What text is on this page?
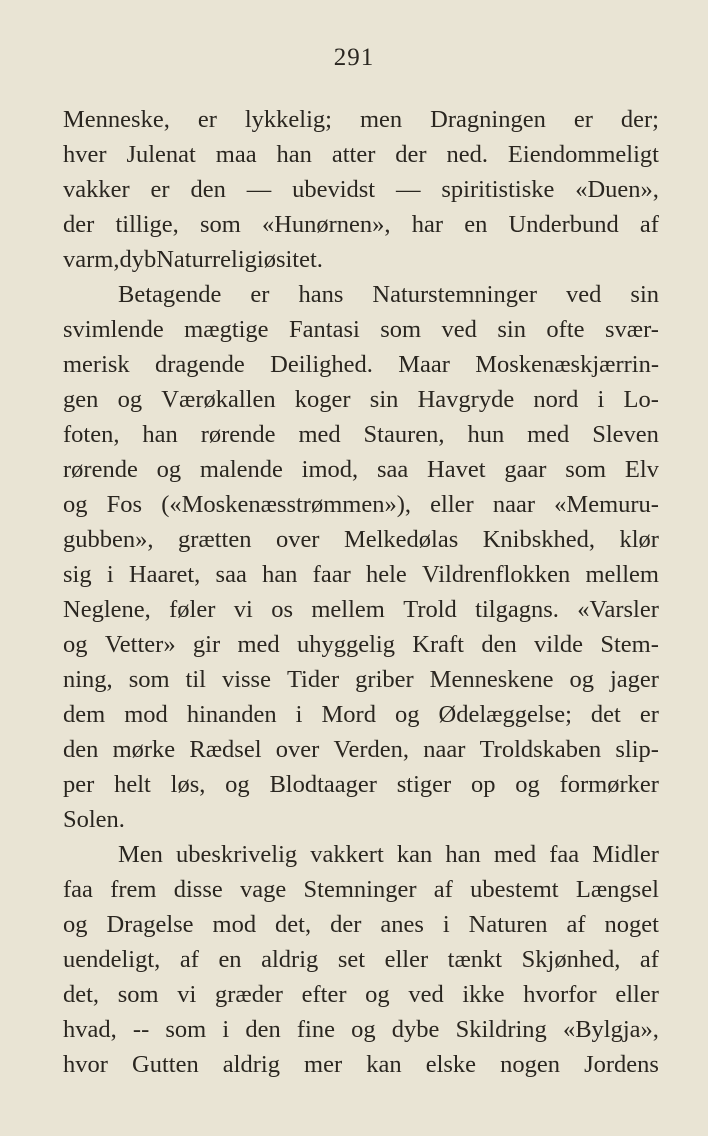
291
Menneske, er lykkelig; men Dragningen er der;
hver Julenat maa han atter der ned. Eiendommeligt
vakker er den — ubevidst — spiritistiske «Duen»,
der tillige, som «Hunørnen», har en Underbund af
varm, dyb Naturreligiøsitet.
Betagende er hans Naturstemninger ved sin
svimlende mægtige Fantasi som ved sin ofte svær-
merisk dragende Deilighed. Maar Moskenæskjærrin-
gen og Værøkallen koger sin Havgryde nord i Lo-
foten, han rørende med Stauren, hun med Sleven
rørende og malende imod, saa Havet gaar som Elv
og Fos («Moskenæsstrømmen»), eller naar «Memuru-
gubben», grætten over Melkedølas Knibskhed, klør
sig i Haaret, saa han faar hele Vildrenflokken mellem
Neglene, føler vi os mellem Trold tilgagns. «Varsler
og Vetter» gir med uhyggelig Kraft den vilde Stem-
ning, som til visse Tider griber Menneskene og jager
dem mod hinanden i Mord og Ødelæggelse; det er
den mørke Rædsel over Verden, naar Troldskaben slip-
per helt løs, og Blodtaager stiger op og formørker
Solen.
Men ubeskrivelig vakkert kan han med faa Midler
faa frem disse vage Stemninger af ubestemt Længsel
og Dragelse mod det, der anes i Naturen af noget
uendeligt, af en aldrig set eller tænkt Skjønhed, af
det, som vi græder efter og ved ikke hvorfor eller
hvad, -- som i den fine og dybe Skildring «Bylgja»,
hvor Gutten aldrig mer kan elske nogen Jordens
